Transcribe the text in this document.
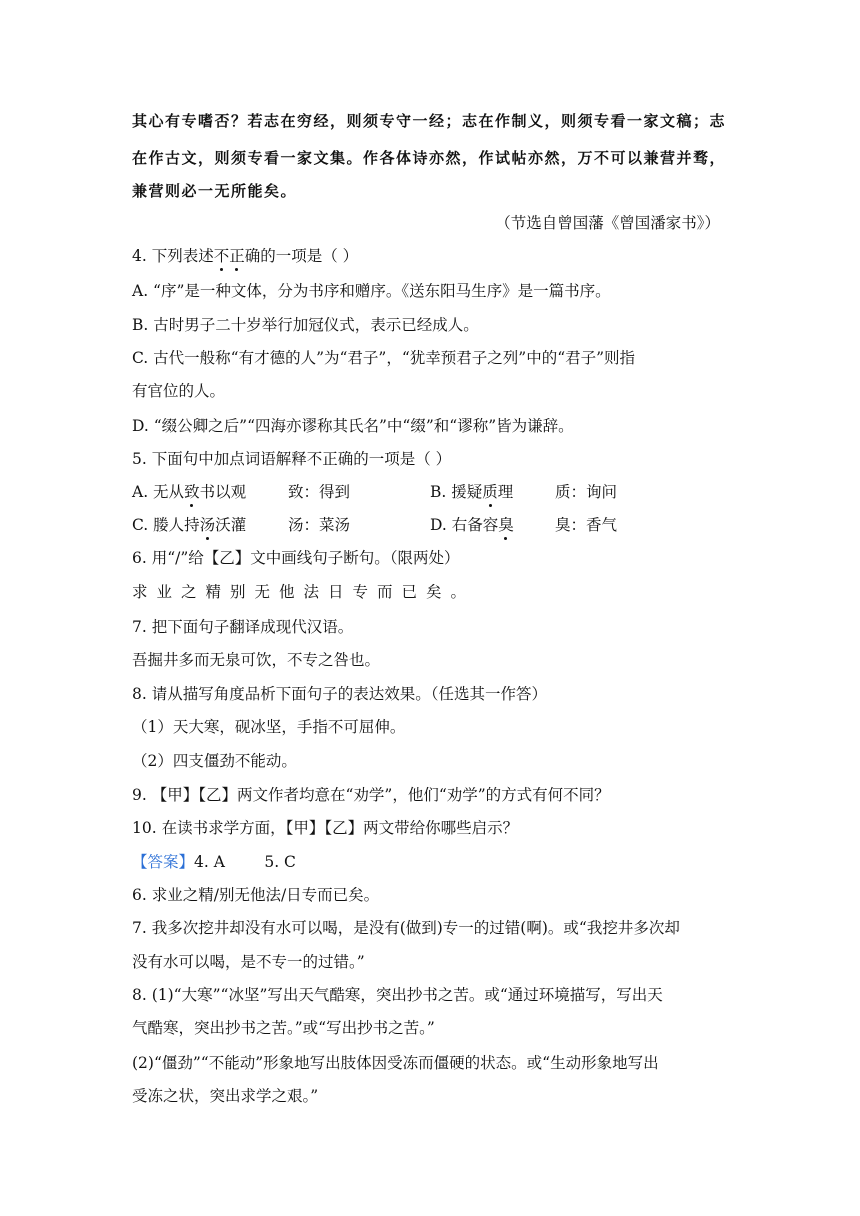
其心有专嗜否？若志在穷经，则须专守一经；志在作制义，则须专看一家文稿；志
在作古文，则须专看一家文集。作各体诗亦然，作试帖亦然，万不可以兼营并骛，
兼营则必一无所能矣。
（节选自曾国藩《曾国潘家书》）
4. 下列表述不正确的一项是（ ）
A. “序”是一种文体，分为书序和赠序。《送东阳马生序》是一篇书序。
B. 古时男子二十岁举行加冠仪式，表示已经成人。
C. 古代一般称“有才德的人”为“君子”，“犹幸预君子之列”中的“君子”则指
有官位的人。
D. “缀公卿之后”“四海亦谬称其氏名”中“缀”和“谬称”皆为谦辞。
5. 下面句中加点词语解释不正确的一项是（ ）
A. 无从致书以观	致：得到	B. 援疑质理	质：询问
C. 媵人持汤沃灌	汤：菜汤	D. 右备容臭	臭：香气
6. 用“/”给【乙】文中画线句子断句。（限两处）
求业之精别无他法日专而已矣。
7. 把下面句子翻译成现代汉语。
吾掘井多而无泉可饮，不专之咎也。
8. 请从描写角度品析下面句子的表达效果。（任选其一作答）
（1）天大寒，砚冰坚，手指不可屈伸。
（2）四支僵劲不能动。
9. 【甲】【乙】两文作者均意在“劝学”，他们“劝学”的方式有何不同？
10. 在读书求学方面，【甲】【乙】两文带给你哪些启示？
【答案】4. A        5. C
6. 求业之精/别无他法/日专而已矣。
7. 我多次挖井却没有水可以喝，是没有(做到)专一的过错(啊)。或“我挖井多次却
没有水可以喝，是不专一的过错。”
8. (1)“大寒”“冰坚”写出天气酷寒，突出抄书之苦。或“通过环境描写，写出天
气酷寒，突出抄书之苦。”或“写出抄书之苦。”
(2)“僵劲”“不能动”形象地写出肢体因受冻而僵硬的状态。或“生动形象地写出
受冻之状，突出求学之艰。”
